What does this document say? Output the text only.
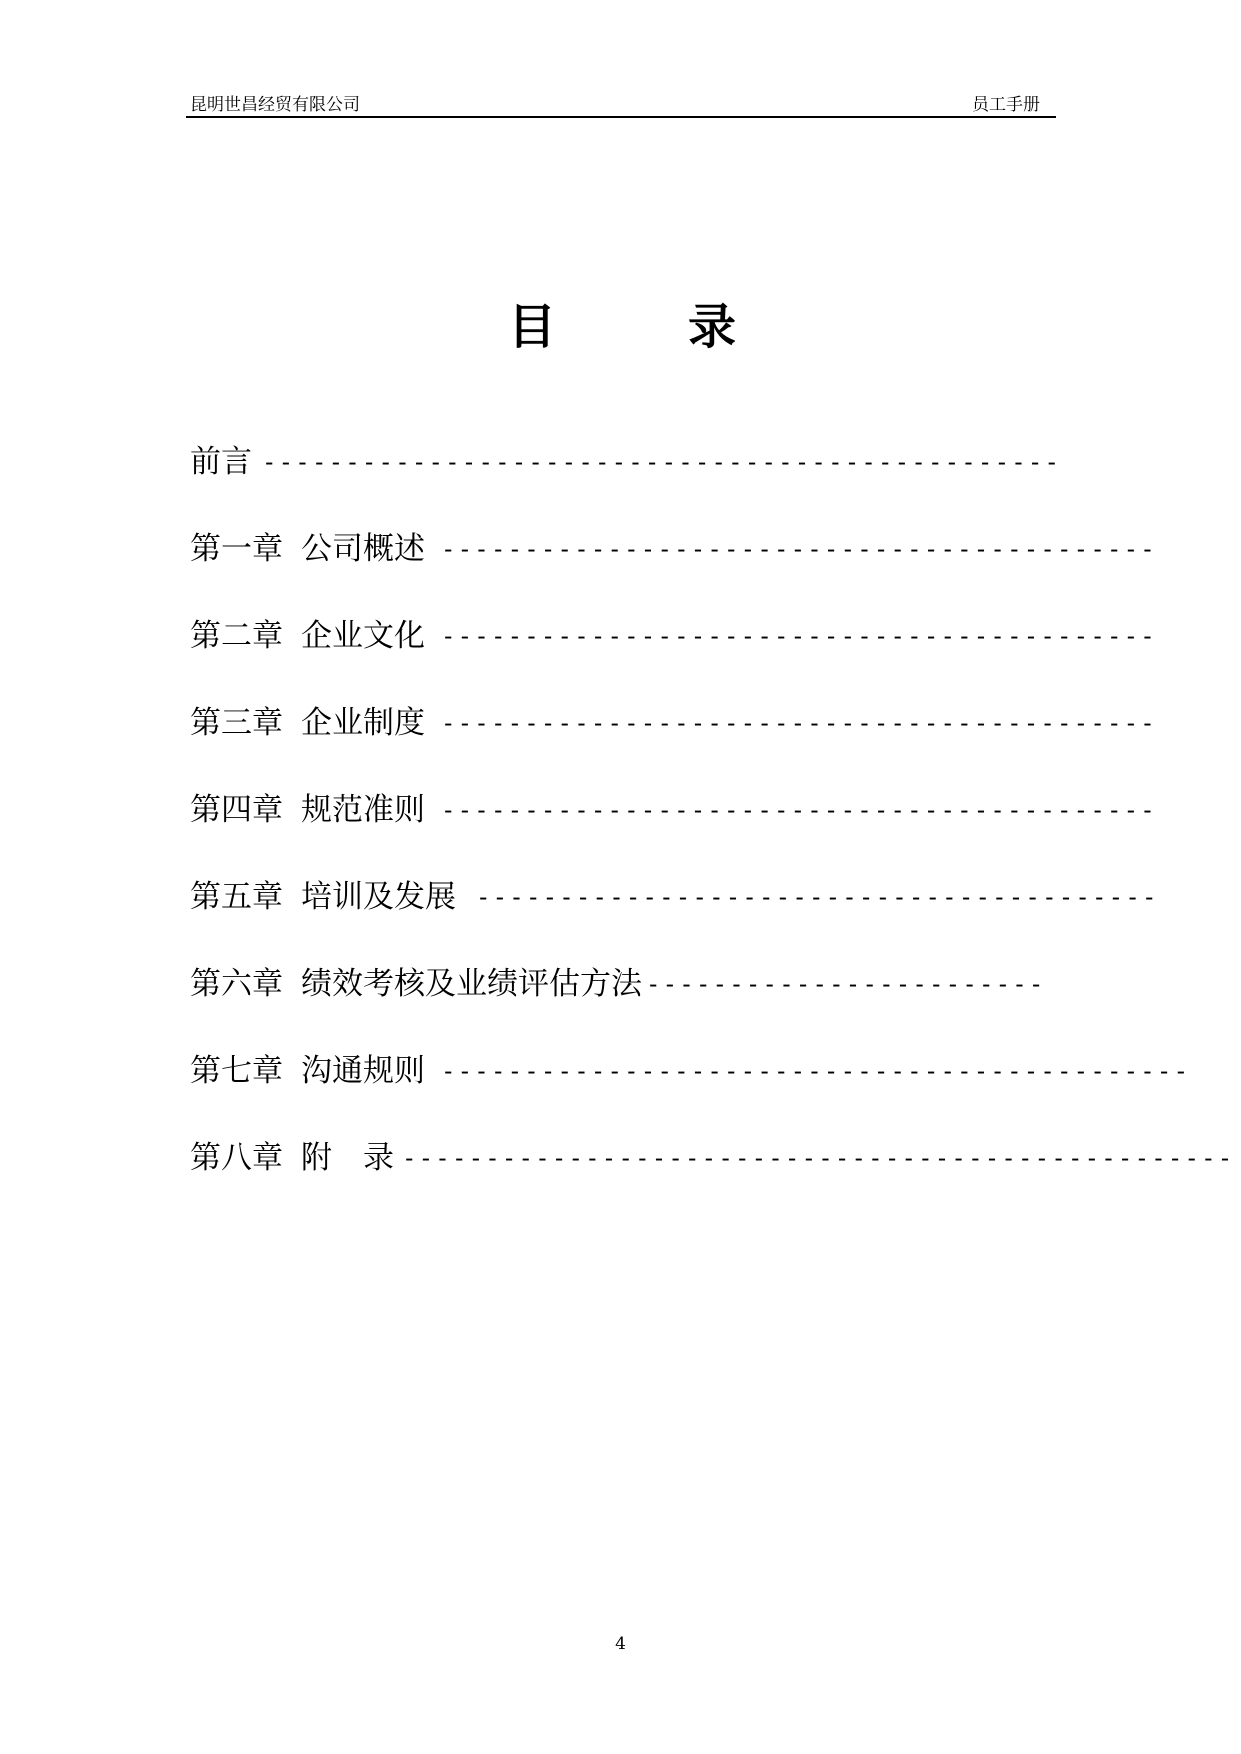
昆明世昌经贸有限公司	员工手册
目	录
前言 ------------------------------------------------
第一章 公司概述 -------------------------------------------
第二章 企业文化 -------------------------------------------
第三章 企业制度 -------------------------------------------
第四章 规范准则 -------------------------------------------
第五章 培训及发展 -----------------------------------------
第六章 绩效考核及业绩评估方法 ------------------------
第七章 沟通规则 ---------------------------------------------
第八章 附　录 --------------------------------------------------
4
